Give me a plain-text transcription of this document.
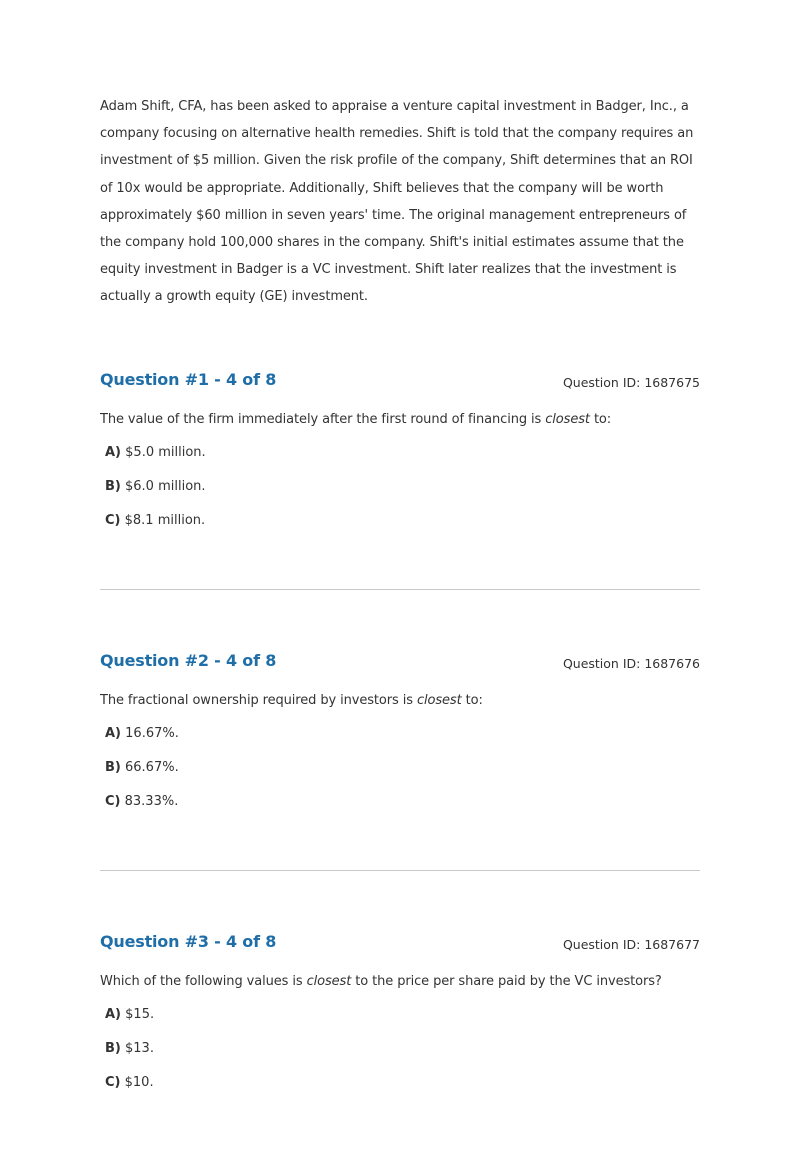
Adam Shift, CFA, has been asked to appraise a venture capital investment in Badger, Inc., a company focusing on alternative health remedies. Shift is told that the company requires an investment of $5 million. Given the risk profile of the company, Shift determines that an ROI of 10x would be appropriate. Additionally, Shift believes that the company will be worth approximately $60 million in seven years' time. The original management entrepreneurs of the company hold 100,000 shares in the company. Shift's initial estimates assume that the equity investment in Badger is a VC investment. Shift later realizes that the investment is actually a growth equity (GE) investment.

Question #1 - 4 of 8	Question ID: 1687675
The value of the firm immediately after the first round of financing is closest to:
A) $5.0 million.
B) $6.0 million.
C) $8.1 million.
Question #2 - 4 of 8	Question ID: 1687676
The fractional ownership required by investors is closest to:
A) 16.67%.
B) 66.67%.
C) 83.33%.
Question #3 - 4 of 8	Question ID: 1687677
Which of the following values is closest to the price per share paid by the VC investors?
A) $15.
B) $13.
C) $10.
